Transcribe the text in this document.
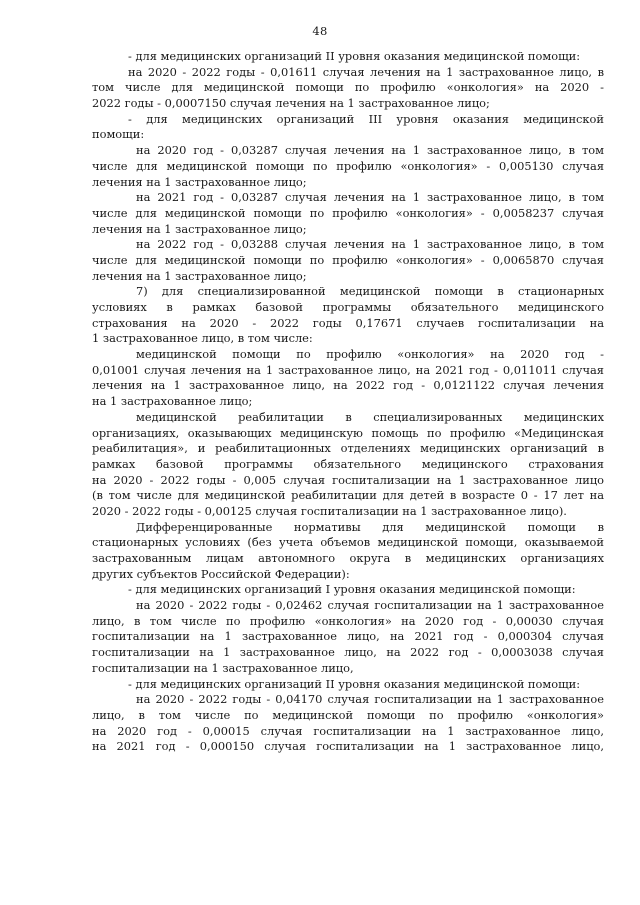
48
- для медицинских организаций II уровня оказания медицинской помощи:
на 2020 - 2022 годы - 0,01611 случая лечения на 1 застрахованное лицо, в
том числе для медицинской помощи по профилю «онкология» на 2020 -
2022 годы - 0,0007150 случая лечения на 1 застрахованное лицо;
- для медицинских организаций III уровня оказания медицинской
помощи:
на 2020 год - 0,03287 случая лечения на 1 застрахованное лицо, в том
числе для медицинской помощи по профилю «онкология» - 0,005130 случая
лечения на 1 застрахованное лицо;
на 2021 год - 0,03287 случая лечения на 1 застрахованное лицо, в том
числе для медицинской помощи по профилю «онкология» - 0,0058237 случая
лечения на 1 застрахованное лицо;
на 2022 год - 0,03288 случая лечения на 1 застрахованное лицо, в том
числе для медицинской помощи по профилю «онкология» - 0,0065870 случая
лечения на 1 застрахованное лицо;
7) для специализированной медицинской помощи в стационарных
условиях в рамках базовой программы обязательного медицинского
страхования на 2020 - 2022 годы 0,17671 случаев госпитализации на
1 застрахованное лицо, в том числе:
медицинской помощи по профилю «онкология» на 2020 год -
0,01001 случая лечения на 1 застрахованное лицо, на 2021 год - 0,011011 случая
лечения на 1 застрахованное лицо, на 2022 год - 0,0121122 случая лечения
на 1 застрахованное лицо;
медицинской реабилитации в специализированных медицинских
организациях, оказывающих медицинскую помощь по профилю «Медицинская
реабилитация», и реабилитационных отделениях медицинских организаций в
рамках базовой программы обязательного медицинского страхования
на 2020 - 2022 годы - 0,005 случая госпитализации на 1 застрахованное лицо
(в том числе для медицинской реабилитации для детей в возрасте 0 - 17 лет на
2020 - 2022 годы - 0,00125 случая госпитализации на 1 застрахованное лицо).
Дифференцированные нормативы для медицинской помощи в
стационарных условиях (без учета объемов медицинской помощи, оказываемой
застрахованным лицам автономного округа в медицинских организациях
других субъектов Российской Федерации):
- для медицинских организаций I уровня оказания медицинской помощи:
на 2020 - 2022 годы - 0,02462 случая госпитализации на 1 застрахованное
лицо, в том числе по профилю «онкология» на 2020 год - 0,00030 случая
госпитализации на 1 застрахованное лицо, на 2021 год - 0,000304 случая
госпитализации на 1 застрахованное лицо, на 2022 год - 0,0003038 случая
госпитализации на 1 застрахованное лицо,
- для медицинских организаций II уровня оказания медицинской помощи:
на 2020 - 2022 годы - 0,04170 случая госпитализации на 1 застрахованное
лицо, в том числе по медицинской помощи по профилю «онкология»
на 2020 год - 0,00015 случая госпитализации на 1 застрахованное лицо,
на 2021 год - 0,000150 случая госпитализации на 1 застрахованное лицо,
